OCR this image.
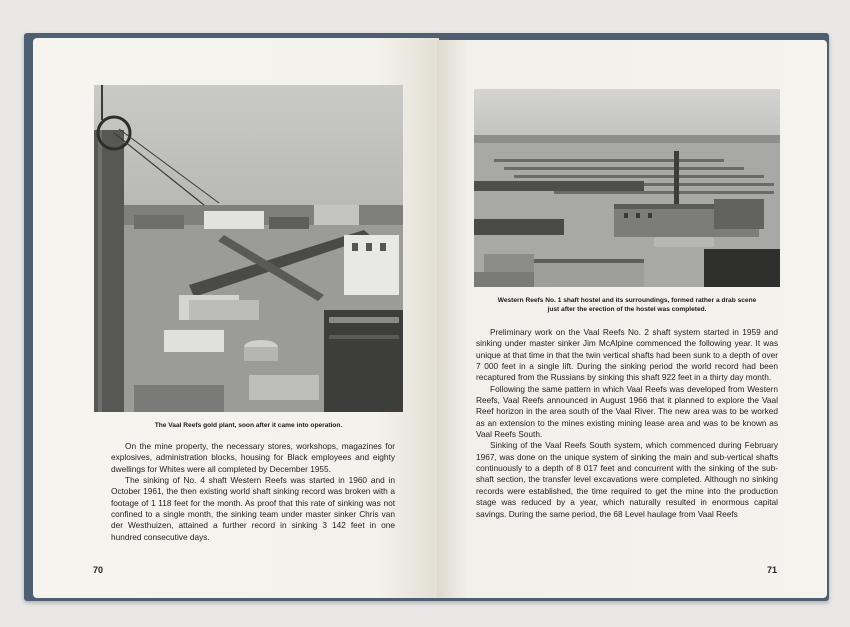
The Vaal Reefs gold plant, soon after it came into operation.

On the mine property, the necessary stores, workshops, magazines for explosives, administration blocks, housing for Black employees and eighty dwellings for Whites were all completed by December 1955.

The sinking of No. 4 shaft Western Reefs was started in 1960 and in October 1961, the then existing world shaft sinking record was broken with a footage of 1 118 feet for the month. As proof that this rate of sinking was not confined to a single month, the sinking team under master sinker Chris van der Westhuizen, attained a further record in sinking 3 142 feet in one hundred consecutive days.

70
Western Reefs No. 1 shaft hostel and its surroundings, formed rather a drab scene
just after the erection of the hostel was completed.

Preliminary work on the Vaal Reefs No. 2 shaft system started in 1959 and sinking under master sinker Jim McAlpine commenced the following year. It was unique at that time in that the twin vertical shafts had been sunk to a depth of over 7 000 feet in a single lift. During the sinking period the world record had been recaptured from the Russians by sinking this shaft 922 feet in a thirty day month.

Following the same pattern in which Vaal Reefs was developed from Western Reefs, Vaal Reefs announced in August 1966 that it planned to explore the Vaal Reef horizon in the area south of the Vaal River. The new area was to be worked as an extension to the mines existing mining lease area and was to be known as Vaal Reefs South.

Sinking of the Vaal Reefs South system, which commenced during February 1967, was done on the unique system of sinking the main and sub-vertical shafts continuously to a depth of 8 017 feet and concurrent with the sinking of the sub-shaft section, the transfer level excavations were completed. Although no sinking records were established, the time required to get the mine into the production stage was reduced by a year, which naturally resulted in enormous capital savings. During the same period, the 68 Level haulage from Vaal Reefs

71
